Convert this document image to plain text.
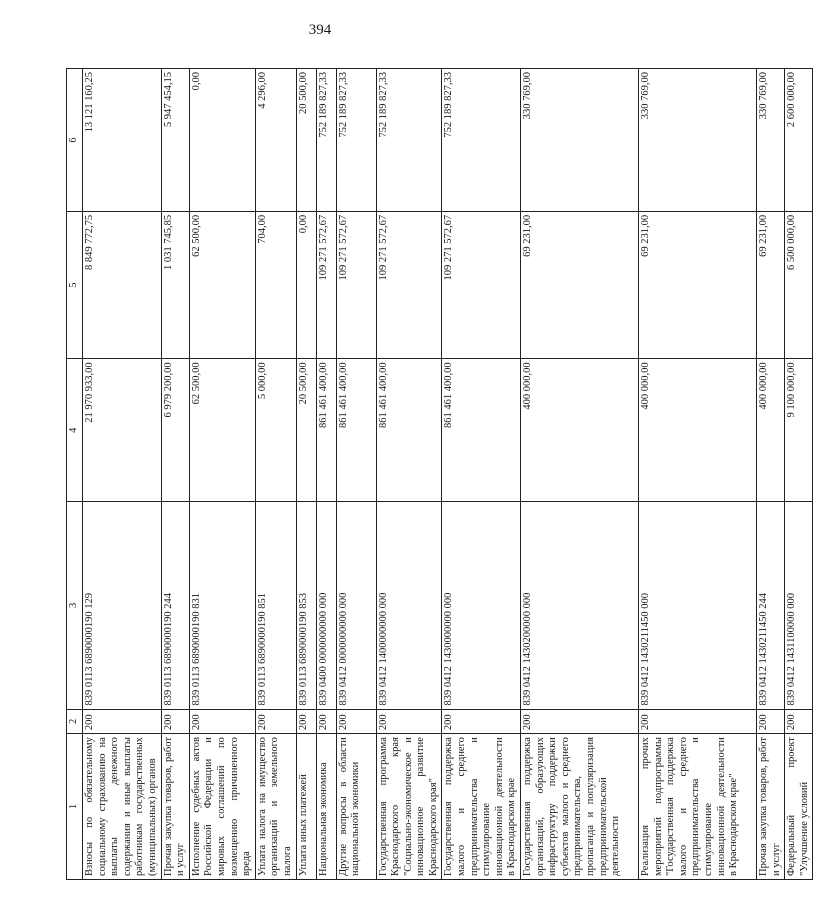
394
1	2	3	4	5	6
Взносы по обязательному социальному страхованию на выплаты денежного содержания и иные выплаты работникам государственных (муниципальных) органов	200	839 0113 6890000190 129	21 970 933,00	8 849 772,75	13 121 160,25
Прочая закупка товаров, работ и услуг	200	839 0113 6890000190 244	6 979 200,00	1 031 745,85	5 947 454,15
Исполнение судебных актов Российской Федерации и мировых соглашений по возмещению причиненного вреда	200	839 0113 6890000190 831	62 500,00	62 500,00	0,00
Уплата налога на имущество организаций и земельного налога	200	839 0113 6890000190 851	5 000,00	704,00	4 296,00
Уплата иных платежей	200	839 0113 6890000190 853	20 500,00	0,00	20 500,00
Национальная экономика	200	839 0400 0000000000 000	861 461 400,00	109 271 572,67	752 189 827,33
Другие вопросы в области национальной экономики	200	839 0412 0000000000 000	861 461 400,00	109 271 572,67	752 189 827,33
Государственная программа Краснодарского края "Социально-экономическое и инновационное развитие Краснодарского края"	200	839 0412 1400000000 000	861 461 400,00	109 271 572,67	752 189 827,33
Государственная поддержка малого и среднего предпринимательства и стимулирование инновационной деятельности в Краснодарском крае	200	839 0412 1430000000 000	861 461 400,00	109 271 572,67	752 189 827,33
Государственная поддержка организаций, образующих инфраструктуру поддержки субъектов малого и среднего предпринимательства, пропаганда и популяризация предпринимательской деятельности	200	839 0412 1430200000 000	400 000,00	69 231,00	330 769,00
Реализация прочих мероприятий подпрограммы "Государственная поддержка малого и среднего предпринимательства и стимулирование инновационной деятельности в Краснодарском крае"	200	839 0412 1430211450 000	400 000,00	69 231,00	330 769,00
Прочая закупка товаров, работ и услуг	200	839 0412 1430211450 244	400 000,00	69 231,00	330 769,00
Федеральный проект "Улучшение условий	200	839 0412 1431100000 000	9 100 000,00	6 500 000,00	2 600 000,00
